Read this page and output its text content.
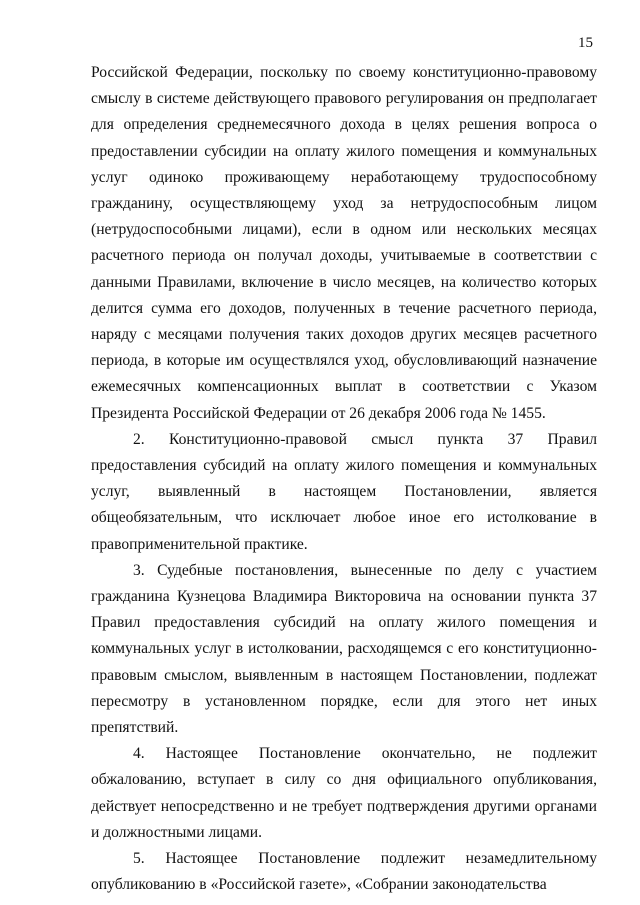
15

Российской Федерации, поскольку по своему конституционно-правовому смыслу в системе действующего правового регулирования он предполагает для определения среднемесячного дохода в целях решения вопроса о предоставлении субсидии на оплату жилого помещения и коммунальных услуг одиноко проживающему неработающему трудоспособному гражданину, осуществляющему уход за нетрудоспособным лицом (нетрудоспособными лицами), если в одном или нескольких месяцах расчетного периода он получал доходы, учитываемые в соответствии с данными Правилами, включение в число месяцев, на количество которых делится сумма его доходов, полученных в течение расчетного периода, наряду с месяцами получения таких доходов других месяцев расчетного периода, в которые им осуществлялся уход, обусловливающий назначение ежемесячных компенсационных выплат в соответствии с Указом Президента Российской Федерации от 26 декабря 2006 года № 1455.

2. Конституционно-правовой смысл пункта 37 Правил предоставления субсидий на оплату жилого помещения и коммунальных услуг, выявленный в настоящем Постановлении, является общеобязательным, что исключает любое иное его истолкование в правоприменительной практике.

3. Судебные постановления, вынесенные по делу с участием гражданина Кузнецова Владимира Викторовича на основании пункта 37 Правил предоставления субсидий на оплату жилого помещения и коммунальных услуг в истолковании, расходящемся с его конституционно-правовым смыслом, выявленным в настоящем Постановлении, подлежат пересмотру в установленном порядке, если для этого нет иных препятствий.

4. Настоящее Постановление окончательно, не подлежит обжалованию, вступает в силу со дня официального опубликования, действует непосредственно и не требует подтверждения другими органами и должностными лицами.

5. Настоящее Постановление подлежит незамедлительному опубликованию в «Российской газете», «Собрании законодательства
